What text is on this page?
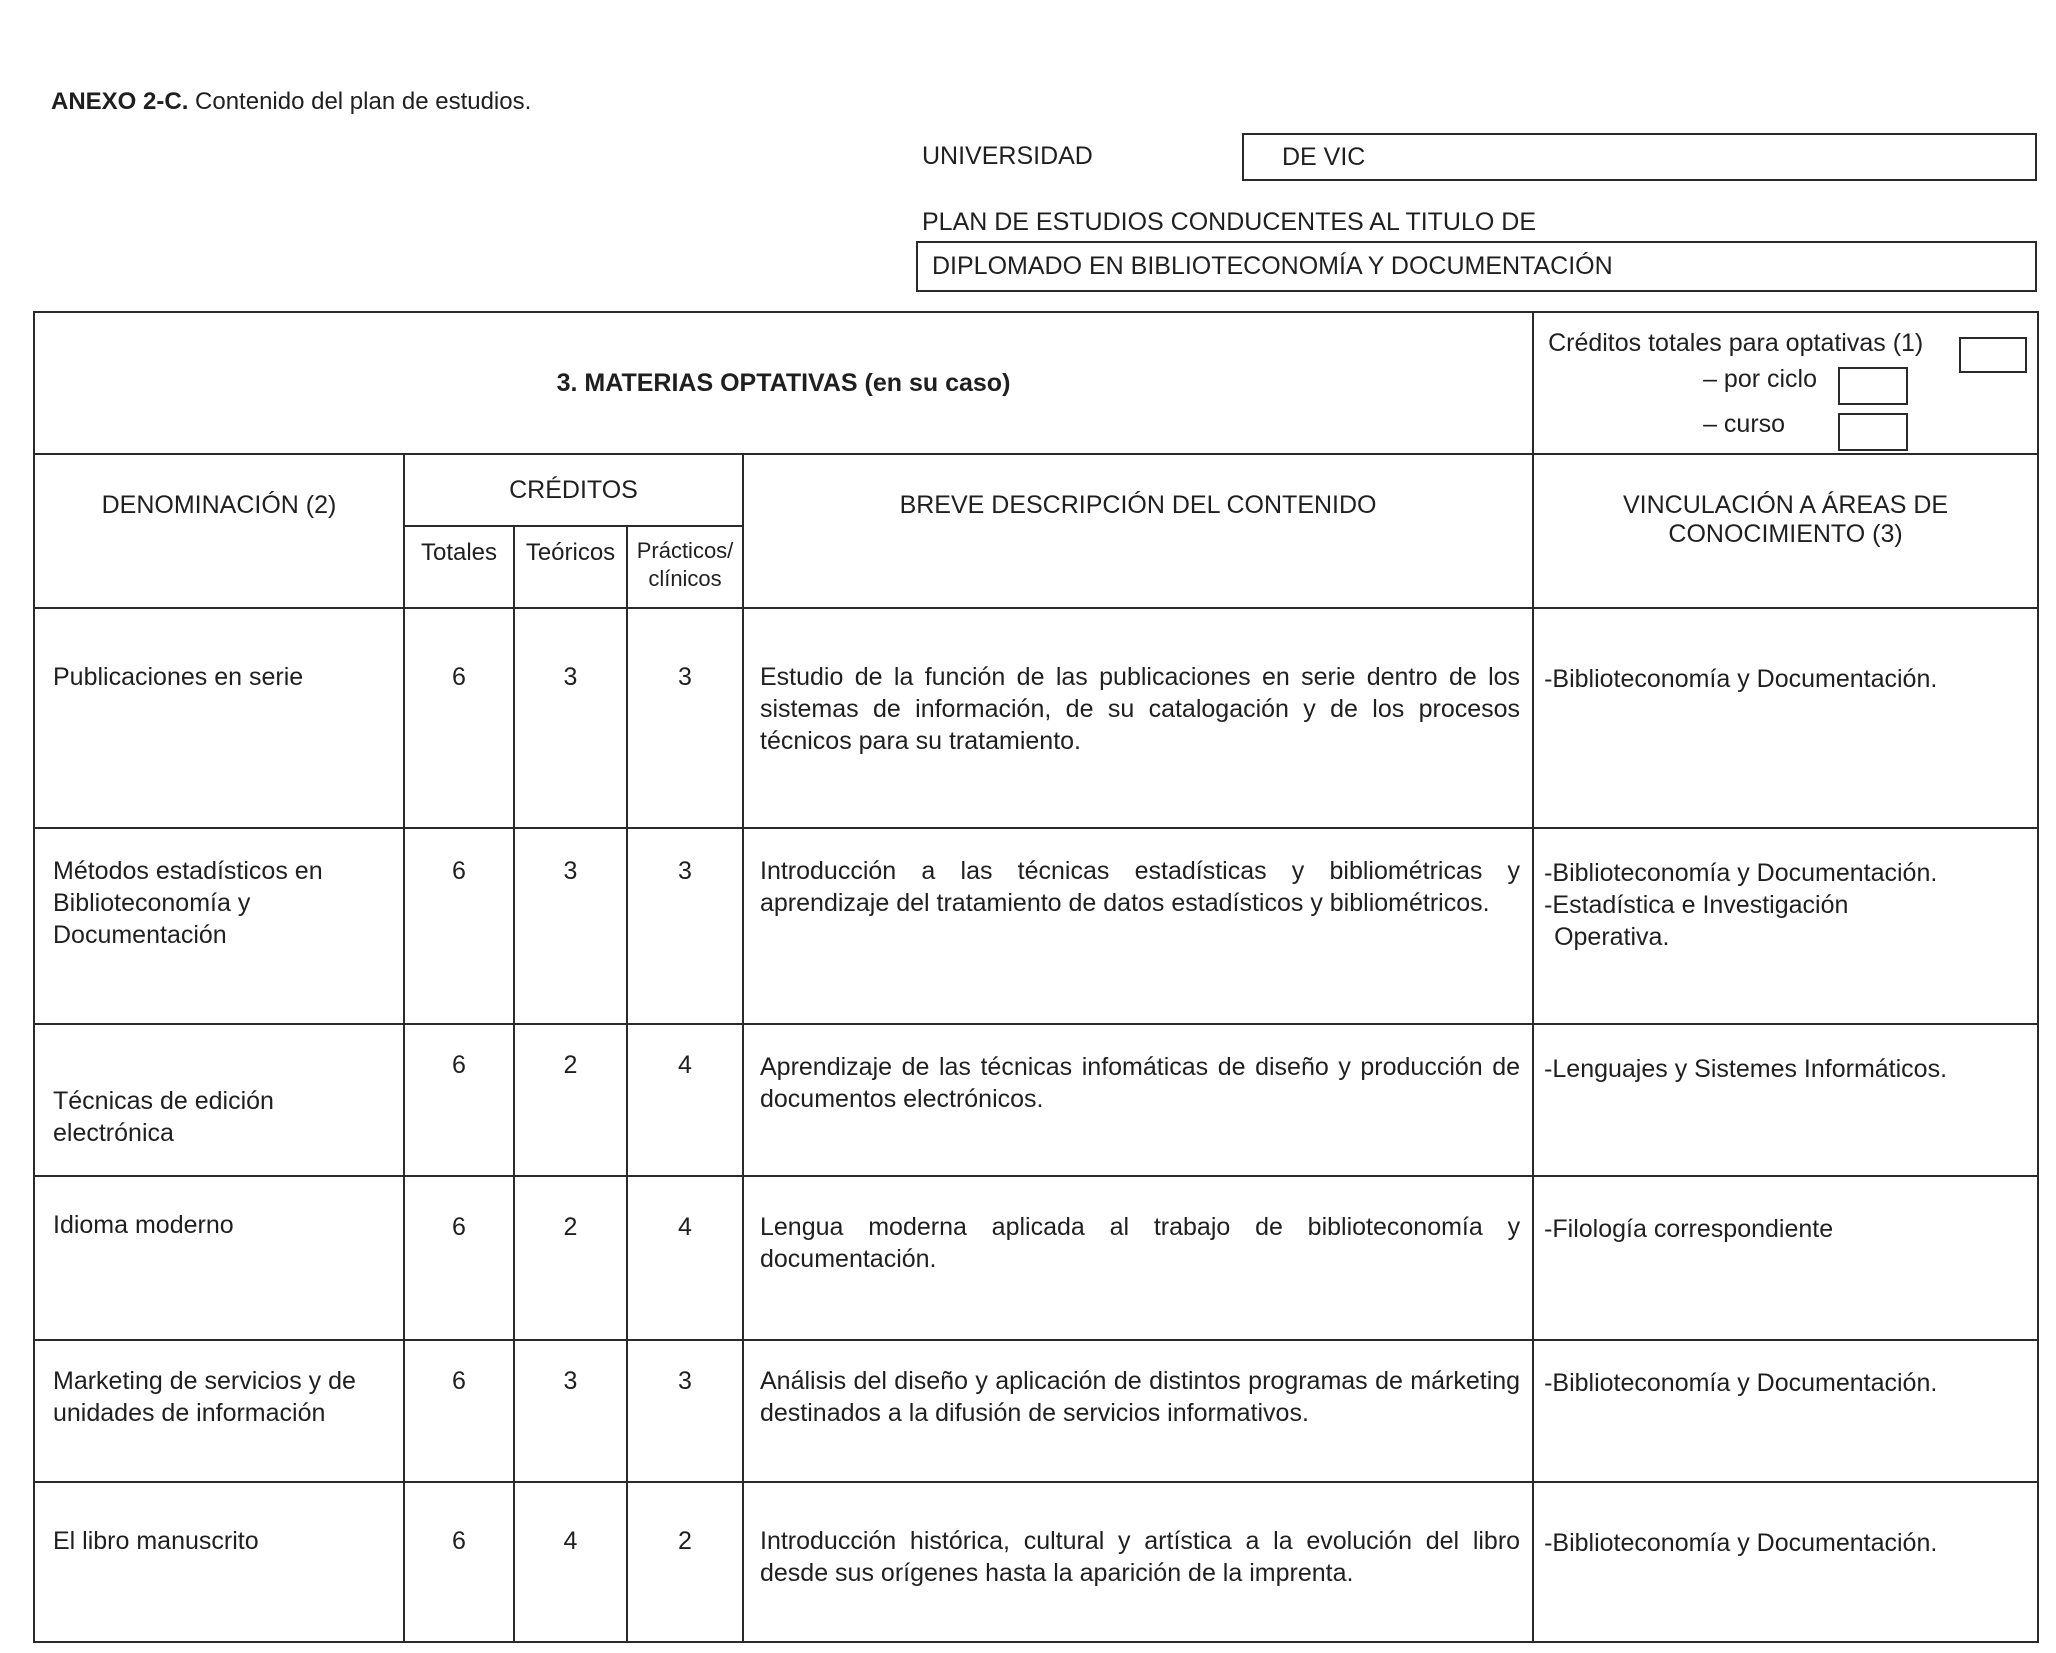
ANEXO 2-C. Contenido del plan de estudios.
UNIVERSIDAD	DE VIC
PLAN DE ESTUDIOS CONDUCENTES AL TITULO DE
DIPLOMADO EN BIBLIOTECONOMÍA Y DOCUMENTACIÓN
3. MATERIAS OPTATIVAS (en su caso)					Créditos totales para optativas (1)
– por ciclo
– curso

DENOMINACIÓN (2)	CRÉDITOS			BREVE DESCRIPCIÓN DEL CONTENIDO	VINCULACIÓN A ÁREAS DE
CONOCIMIENTO (3)
	Totales	Teóricos	Prácticos/
clínicos		
Publicaciones en serie	6	3	3	Estudio de la función de las publicaciones en serie dentro de los sistemas de información, de su catalogación y de los procesos técnicos para su tratamiento.	-Biblioteconomía y Documentación.
Métodos estadísticos en Biblioteconomía y Documentación	6	3	3	Introducción a las técnicas estadísticas y bibliométricas y aprendizaje del tratamiento de datos estadísticos y bibliométricos.	-Biblioteconomía y Documentación.
-Estadística e Investigación
Operativa.
Técnicas de edición electrónica	6	2	4	Aprendizaje de las técnicas infomáticas de diseño y producción de documentos electrónicos.	-Lenguajes y Sistemes Informáticos.
Idioma moderno	6	2	4	Lengua moderna aplicada al trabajo de biblioteconomía y documentación.	-Filología correspondiente
Marketing de servicios y de unidades de información	6	3	3	Análisis del diseño y aplicación de distintos programas de márketing destinados a la difusión de servicios informativos.	-Biblioteconomía y Documentación.
El libro manuscrito	6	4	2	Introducción histórica, cultural y artística a la evolución del libro desde sus orígenes hasta la aparición de la imprenta.	-Biblioteconomía y Documentación.
